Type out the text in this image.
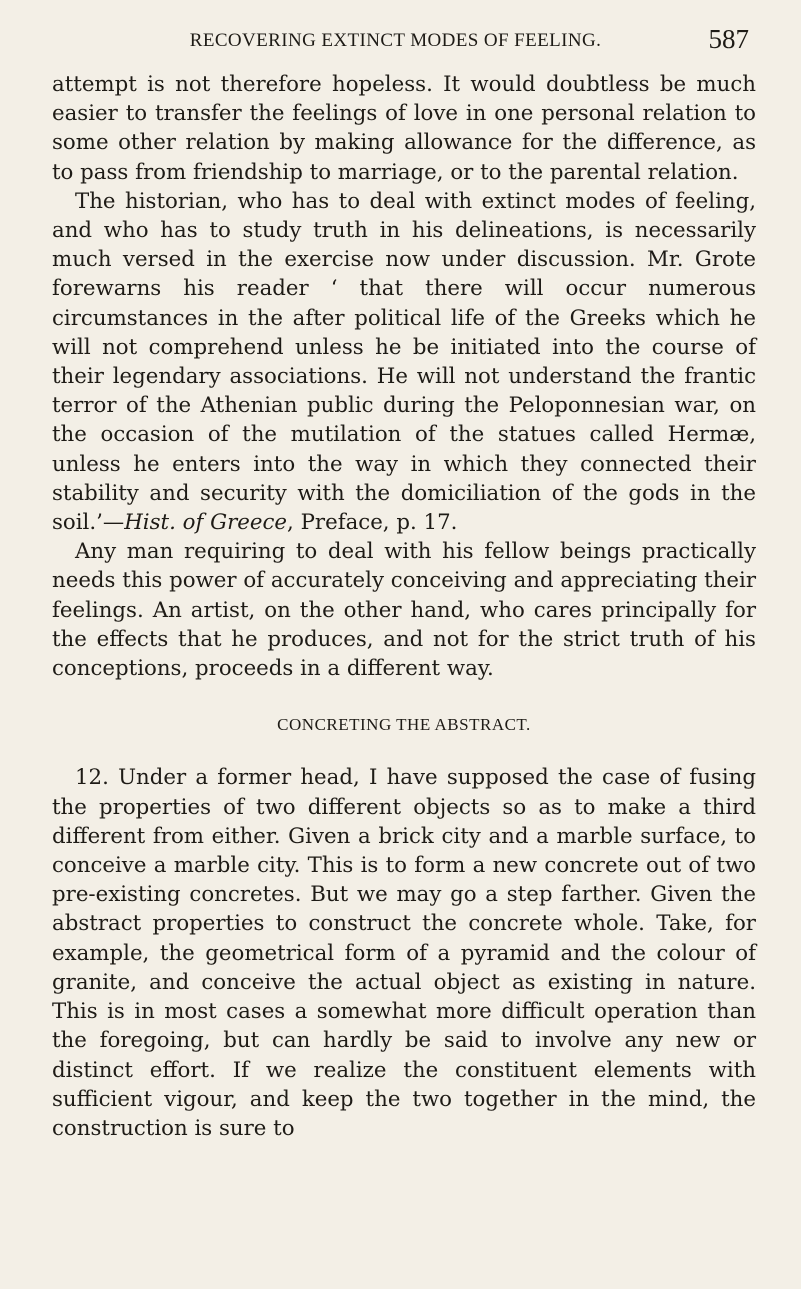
RECOVERING EXTINCT MODES OF FEELING.	587

attempt is not therefore hopeless. It would doubtless be much easier to transfer the feelings of love in one personal relation to some other relation by making allowance for the difference, as to pass from friendship to marriage, or to the parental relation.

The historian, who has to deal with extinct modes of feeling, and who has to study truth in his delineations, is necessarily much versed in the exercise now under discussion. Mr. Grote forewarns his reader ‘ that there will occur numerous circumstances in the after political life of the Greeks which he will not comprehend unless he be initiated into the course of their legendary associations. He will not understand the frantic terror of the Athenian public during the Peloponnesian war, on the occasion of the mutilation of the statues called Hermæ, unless he enters into the way in which they connected their stability and security with the domiciliation of the gods in the soil.’—Hist. of Greece, Preface, p. 17.

Any man requiring to deal with his fellow beings practically needs this power of accurately conceiving and appreciating their feelings. An artist, on the other hand, who cares principally for the effects that he produces, and not for the strict truth of his conceptions, proceeds in a different way.

CONCRETING THE ABSTRACT.

12. Under a former head, I have supposed the case of fusing the properties of two different objects so as to make a third different from either. Given a brick city and a marble surface, to conceive a marble city. This is to form a new concrete out of two pre-existing concretes. But we may go a step farther. Given the abstract properties to construct the concrete whole. Take, for example, the geometrical form of a pyramid and the colour of granite, and conceive the actual object as existing in nature. This is in most cases a somewhat more difficult operation than the foregoing, but can hardly be said to involve any new or distinct effort. If we realize the constituent elements with sufficient vigour, and keep the two together in the mind, the construction is sure to
